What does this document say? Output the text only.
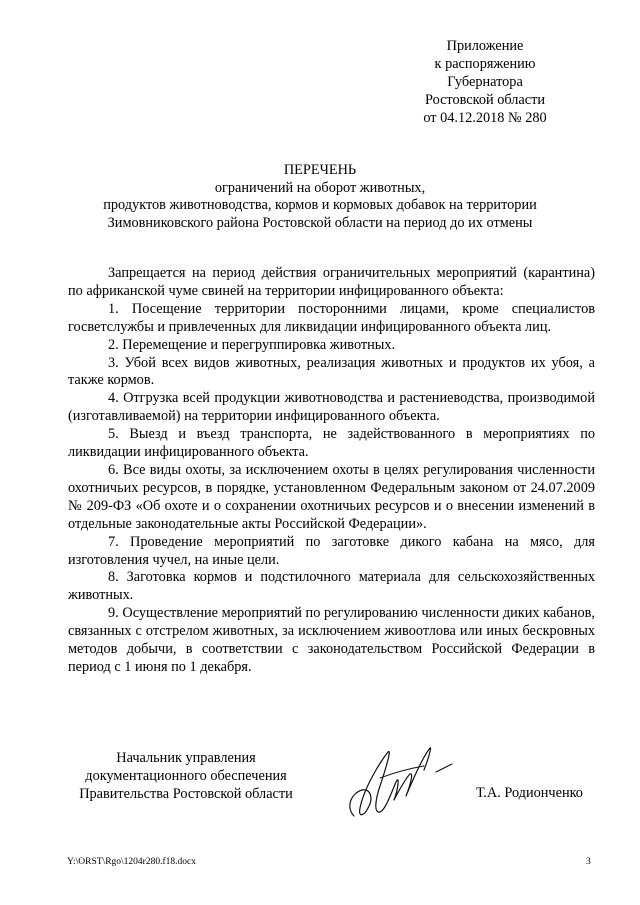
Приложение
к распоряжению
Губернатора
Ростовской области
от 04.12.2018 № 280
ПЕРЕЧЕНЬ
ограничений на оборот животных,
продуктов животноводства, кормов и кормовых добавок на территории
Зимовниковского района Ростовской области на период до их отмены

Запрещается на период действия ограничительных мероприятий (карантина) по африканской чуме свиней на территории инфицированного объекта:

1. Посещение территории посторонними лицами, кроме специалистов госветслужбы и привлеченных для ликвидации инфицированного объекта лиц.

2. Перемещение и перегруппировка животных.

3. Убой всех видов животных, реализация животных и продуктов их убоя, а также кормов.

4. Отгрузка всей продукции животноводства и растениеводства, производимой (изготавливаемой) на территории инфицированного объекта.

5. Выезд и въезд транспорта, не задействованного в мероприятиях по ликвидации инфицированного объекта.

6. Все виды охоты, за исключением охоты в целях регулирования численности охотничьих ресурсов, в порядке, установленном Федеральным законом от 24.07.2009 № 209-ФЗ «Об охоте и о сохранении охотничьих ресурсов и о внесении изменений в отдельные законодательные акты Российской Федерации».

7. Проведение мероприятий по заготовке дикого кабана на мясо, для изготовления чучел, на иные цели.

8. Заготовка кормов и подстилочного материала для сельскохозяйственных животных.

9. Осуществление мероприятий по регулированию численности диких кабанов, связанных с отстрелом животных, за исключением живоотлова или иных бескровных методов добычи, в соответствии с законодательством Российской Федерации в период с 1 июня по 1 декабря.

Начальник управления
документационного обеспечения
Правительства Ростовской области	Т.А. Родионченко
Y:\ORST\Rgo\1204r280.f18.docx	3
